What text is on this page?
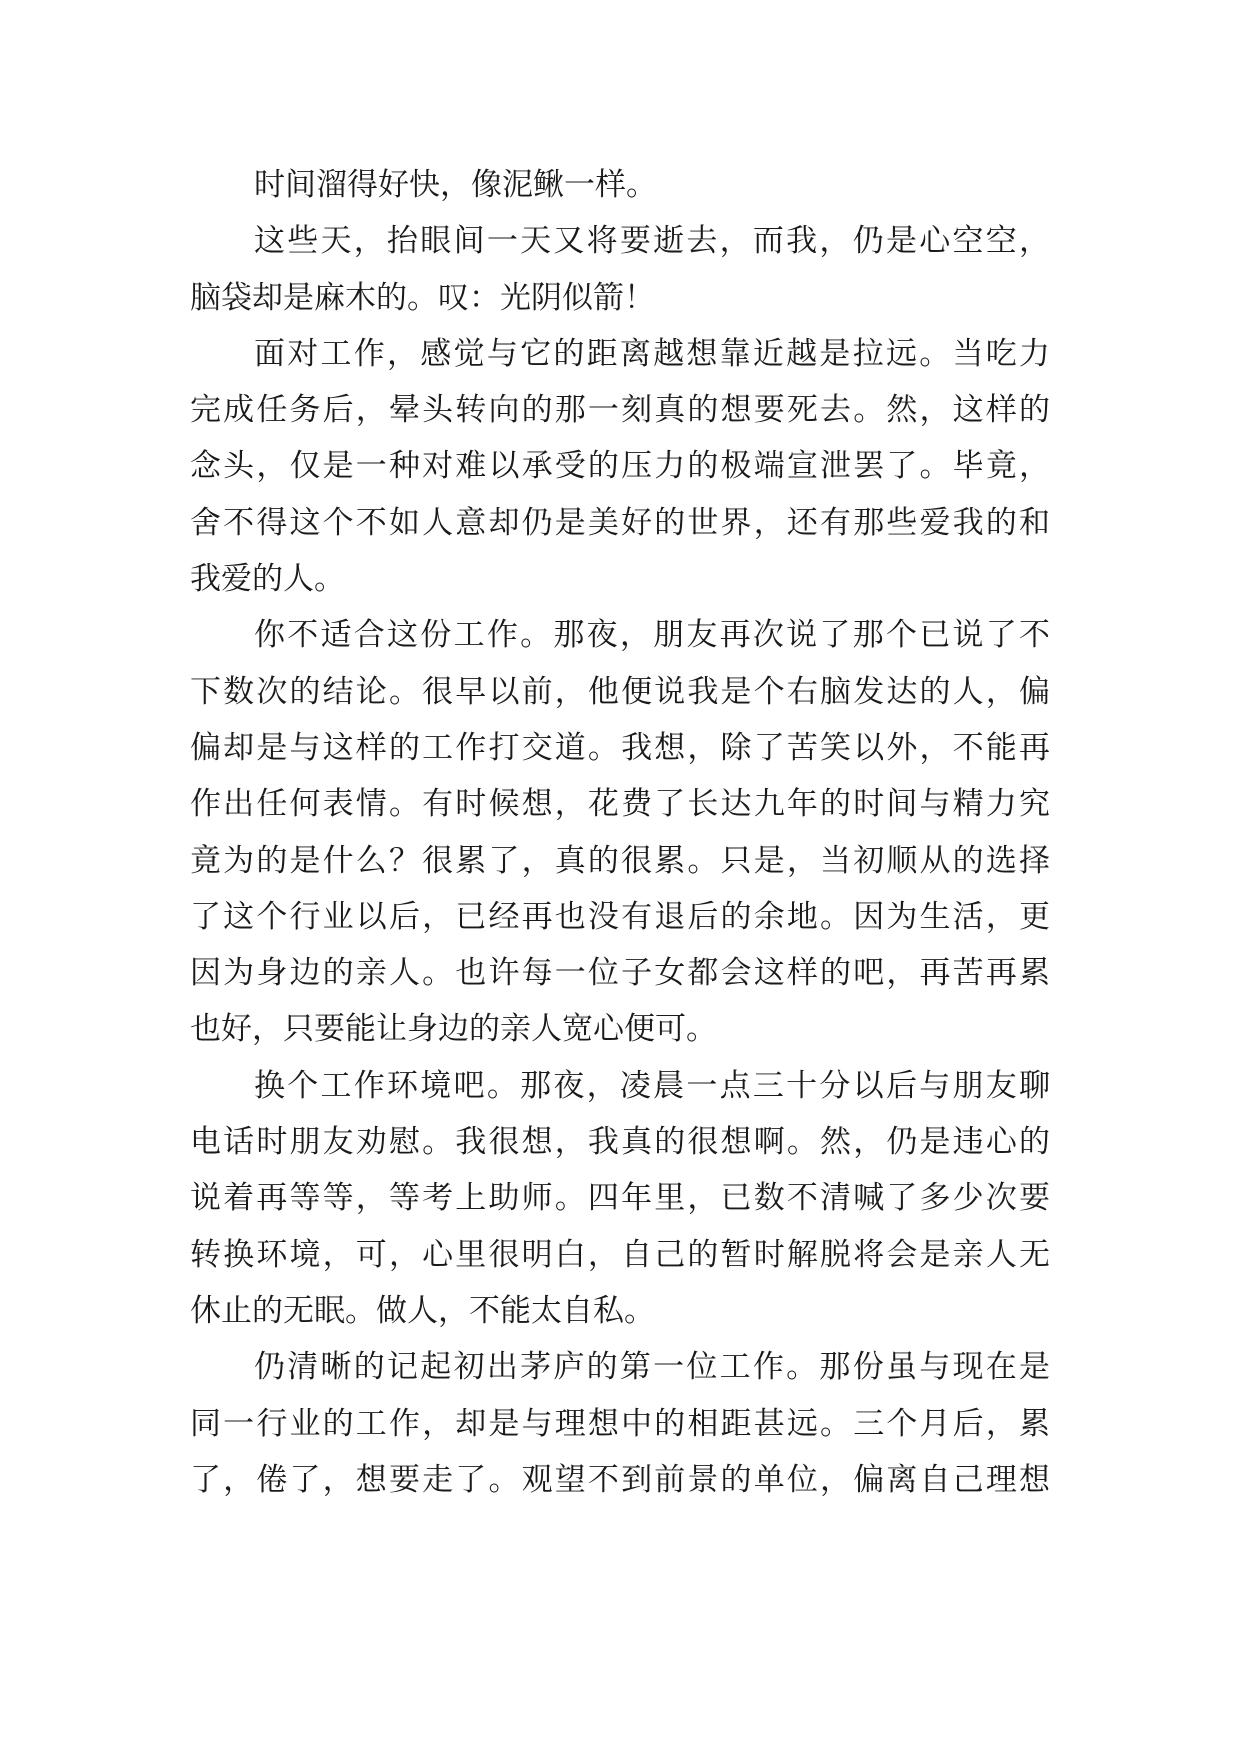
时间溜得好快，像泥鳅一样。
这些天，抬眼间一天又将要逝去，而我，仍是心空空，
脑袋却是麻木的。叹：光阴似箭！
面对工作，感觉与它的距离越想靠近越是拉远。当吃力
完成任务后，晕头转向的那一刻真的想要死去。然，这样的
念头，仅是一种对难以承受的压力的极端宣泄罢了。毕竟，
舍不得这个不如人意却仍是美好的世界，还有那些爱我的和
我爱的人。
你不适合这份工作。那夜，朋友再次说了那个已说了不
下数次的结论。很早以前，他便说我是个右脑发达的人，偏
偏却是与这样的工作打交道。我想，除了苦笑以外，不能再
作出任何表情。有时候想，花费了长达九年的时间与精力究
竟为的是什么？很累了，真的很累。只是，当初顺从的选择
了这个行业以后，已经再也没有退后的余地。因为生活，更
因为身边的亲人。也许每一位子女都会这样的吧，再苦再累
也好，只要能让身边的亲人宽心便可。
换个工作环境吧。那夜，凌晨一点三十分以后与朋友聊
电话时朋友劝慰。我很想，我真的很想啊。然，仍是违心的
说着再等等，等考上助师。四年里，已数不清喊了多少次要
转换环境，可，心里很明白，自己的暂时解脱将会是亲人无
休止的无眠。做人，不能太自私。
仍清晰的记起初出茅庐的第一位工作。那份虽与现在是
同一行业的工作，却是与理想中的相距甚远。三个月后，累
了，倦了，想要走了。观望不到前景的单位，偏离自己理想
